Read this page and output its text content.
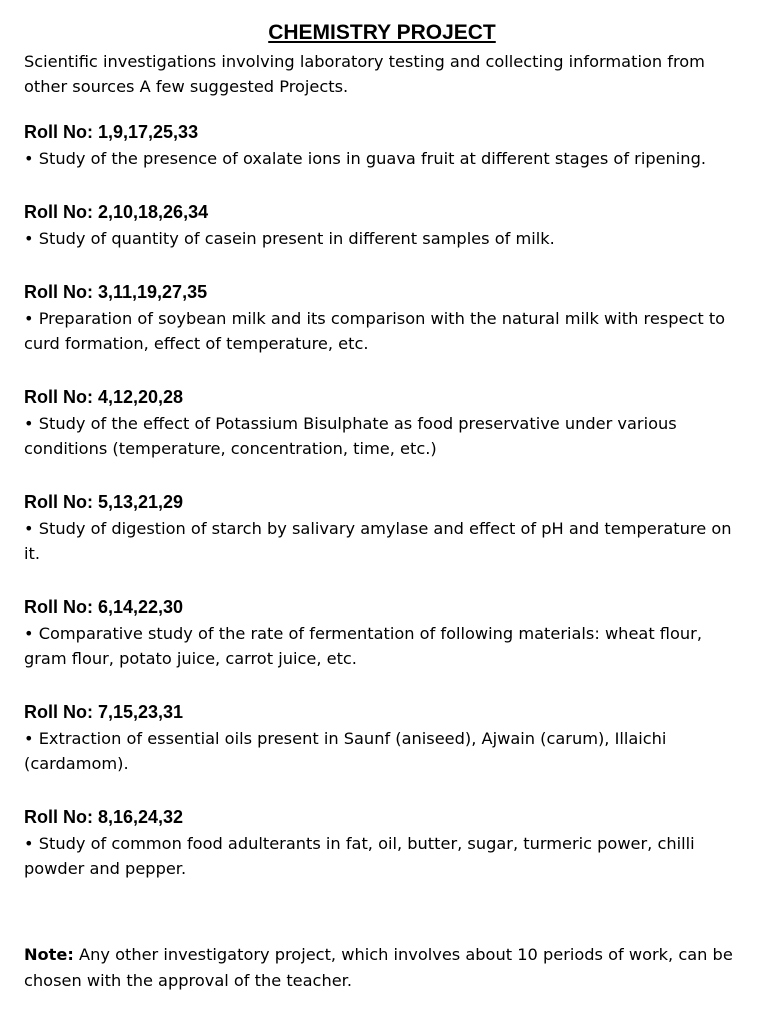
CHEMISTRY PROJECT

Scientific investigations involving laboratory testing and collecting information from other sources A few suggested Projects.

Roll No: 1,9,17,25,33

• Study of the presence of oxalate ions in guava fruit at different stages of ripening.

Roll No: 2,10,18,26,34

• Study of quantity of casein present in different samples of milk.

Roll No: 3,11,19,27,35

• Preparation of soybean milk and its comparison with the natural milk with respect to curd formation, effect of temperature, etc.

Roll No: 4,12,20,28

• Study of the effect of Potassium Bisulphate as food preservative under various conditions (temperature, concentration, time, etc.)

Roll No: 5,13,21,29

• Study of digestion of starch by salivary amylase and effect of pH and temperature on it.

Roll No: 6,14,22,30

• Comparative study of the rate of fermentation of following materials: wheat flour, gram flour, potato juice, carrot juice, etc.

Roll No: 7,15,23,31

• Extraction of essential oils present in Saunf (aniseed), Ajwain (carum), Illaichi (cardamom).

Roll No: 8,16,24,32

• Study of common food adulterants in fat, oil, butter, sugar, turmeric power, chilli powder and pepper.

Note: Any other investigatory project, which involves about 10 periods of work, can be chosen with the approval of the teacher.
